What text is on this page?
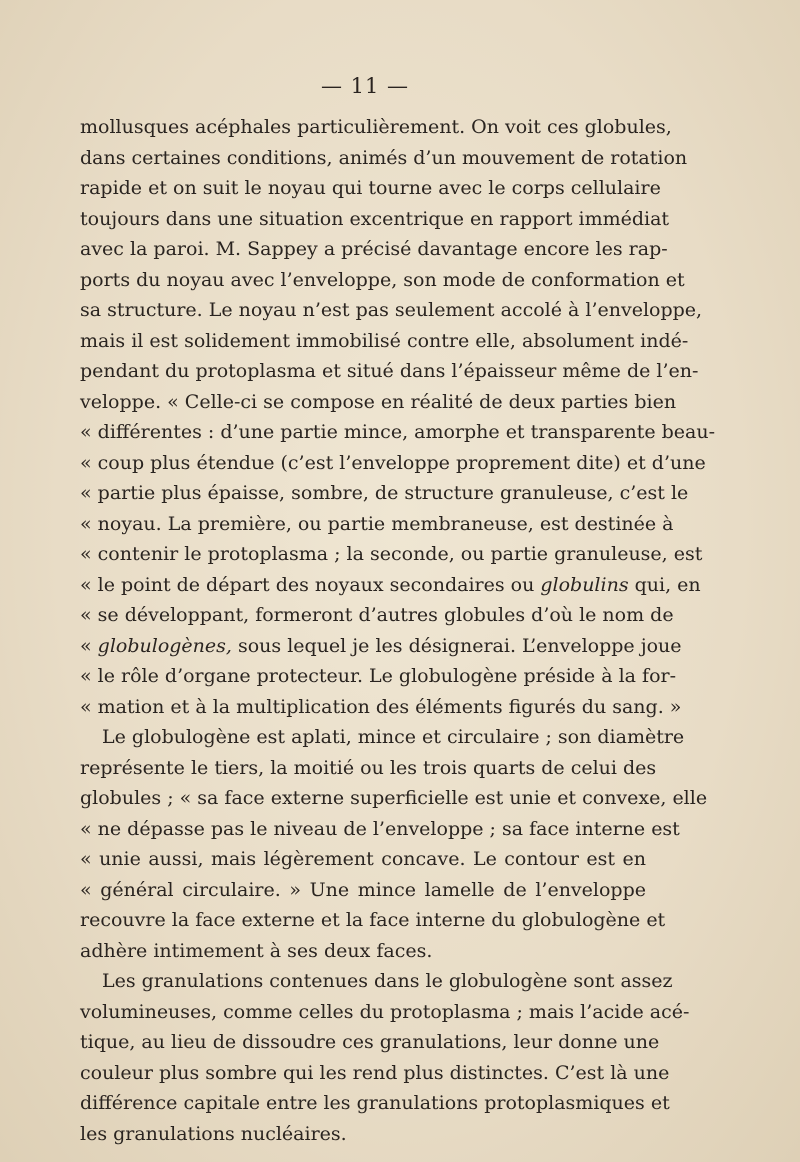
— 11 —
mollusques acéphales particulièrement. On voit ces globules,
dans certaines conditions, animés d’un mouvement de rotation
rapide et on suit le noyau qui tourne avec le corps cellulaire
toujours dans une situation excentrique en rapport immédiat
avec la paroi. M. Sappey a précisé davantage encore les rap-
ports du noyau avec l’enveloppe, son mode de conformation et
sa structure. Le noyau n’est pas seulement accolé à l’enveloppe,
mais il est solidement immobilisé contre elle, absolument indé-
pendant du protoplasma et situé dans l’épaisseur même de l’en-
veloppe. « Celle-ci se compose en réalité de deux parties bien
« différentes : d’une partie mince, amorphe et transparente beau-
« coup plus étendue (c’est l’enveloppe proprement dite) et d’une
« partie plus épaisse, sombre, de structure granuleuse, c’est le
« noyau. La première, ou partie membraneuse, est destinée à
« contenir le protoplasma ; la seconde, ou partie granuleuse, est
« le point de départ des noyaux secondaires ou globulins qui, en
« se développant, formeront d’autres globules d’où le nom de
« globulogènes, sous lequel je les désignerai. L’enveloppe joue
« le rôle d’organe protecteur. Le globulogène préside à la for-
« mation et à la multiplication des éléments figurés du sang. »
Le globulogène est aplati, mince et circulaire ; son diamètre
représente le tiers, la moitié ou les trois quarts de celui des
globules ; « sa face externe superficielle est unie et convexe, elle
« ne dépasse pas le niveau de l’enveloppe ; sa face interne est
« unie aussi, mais légèrement concave. Le contour est en
« général circulaire. » Une mince lamelle de l’enveloppe
recouvre la face externe et la face interne du globulogène et
adhère intimement à ses deux faces.
Les granulations contenues dans le globulogène sont assez
volumineuses, comme celles du protoplasma ; mais l’acide acé-
tique, au lieu de dissoudre ces granulations, leur donne une
couleur plus sombre qui les rend plus distinctes. C’est là une
différence capitale entre les granulations protoplasmiques et
les granulations nucléaires.
